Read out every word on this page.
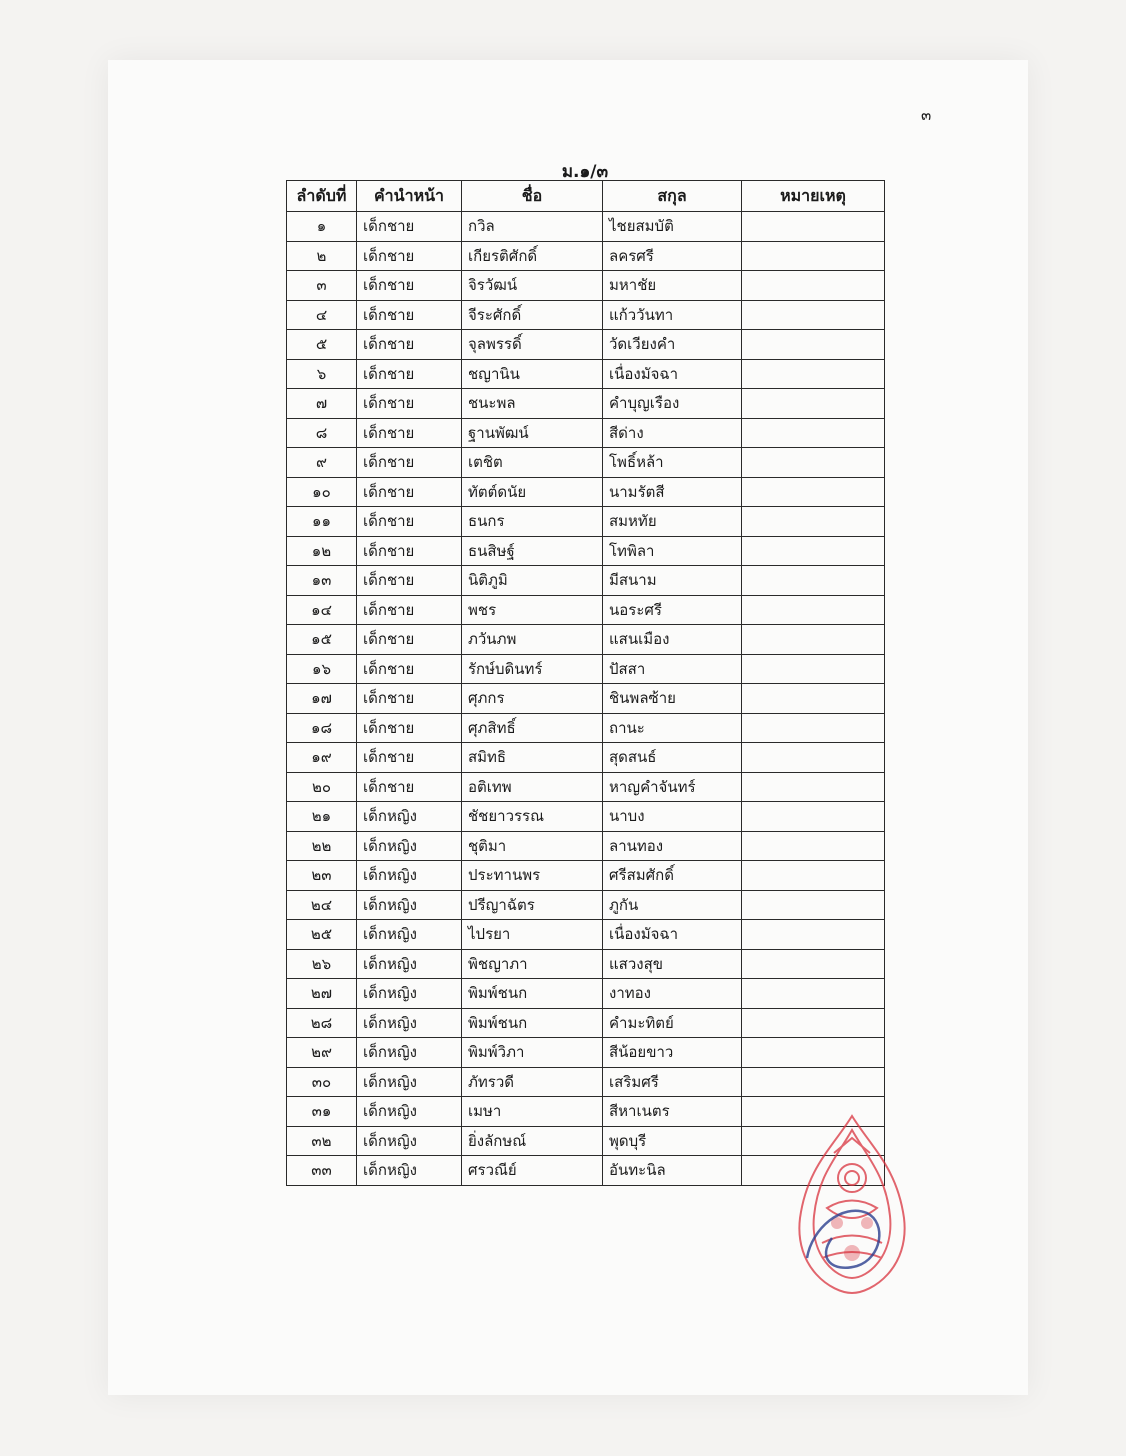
๓
ม.๑/๓
ลำดับที่	คำนำหน้า	ชื่อ	สกุล	หมายเหตุ
๑	เด็กชาย	กวิล	ไชยสมบัติ	
๒	เด็กชาย	เกียรติศักดิ์	ลครศรี	
๓	เด็กชาย	จิรวัฒน์	มหาชัย	
๔	เด็กชาย	จีระศักดิ์	แก้ววันทา	
๕	เด็กชาย	จุลพรรดิ์	วัดเวียงคำ	
๖	เด็กชาย	ชญานิน	เนื่องมัจฉา	
๗	เด็กชาย	ชนะพล	คำบุญเรือง	
๘	เด็กชาย	ฐานพัฒน์	สีด่าง	
๙	เด็กชาย	เตชิต	โพธิ์หล้า	
๑๐	เด็กชาย	ทัตต์ดนัย	นามรัตสี	
๑๑	เด็กชาย	ธนกร	สมหทัย	
๑๒	เด็กชาย	ธนสิษฐ์	โทพิลา	
๑๓	เด็กชาย	นิติภูมิ	มีสนาม	
๑๔	เด็กชาย	พชร	นอระศรี	
๑๕	เด็กชาย	ภวันภพ	แสนเมือง	
๑๖	เด็กชาย	รักษ์บดินทร์	ปัสสา	
๑๗	เด็กชาย	ศุภกร	ชินพลซ้าย	
๑๘	เด็กชาย	ศุภสิทธิ์	ถานะ	
๑๙	เด็กชาย	สมิทธิ	สุดสนธ์	
๒๐	เด็กชาย	อติเทพ	หาญคำจันทร์	
๒๑	เด็กหญิง	ชัชยาวรรณ	นาบง	
๒๒	เด็กหญิง	ชุติมา	ลานทอง	
๒๓	เด็กหญิง	ประทานพร	ศรีสมศักดิ์	
๒๔	เด็กหญิง	ปรีญาฉัตร	ภูกัน	
๒๕	เด็กหญิง	ไปรยา	เนื่องมัจฉา	
๒๖	เด็กหญิง	พิชญาภา	แสวงสุข	
๒๗	เด็กหญิง	พิมพ์ชนก	งาทอง	
๒๘	เด็กหญิง	พิมพ์ชนก	คำมะทิตย์	
๒๙	เด็กหญิง	พิมพ์วิภา	สีน้อยขาว	
๓๐	เด็กหญิง	ภัทรวดี	เสริมศรี	
๓๑	เด็กหญิง	เมษา	สีหาเนตร	
๓๒	เด็กหญิง	ยิ่งลักษณ์	พุดบุรี	
๓๓	เด็กหญิง	ศรวณีย์	อันทะนิล	
